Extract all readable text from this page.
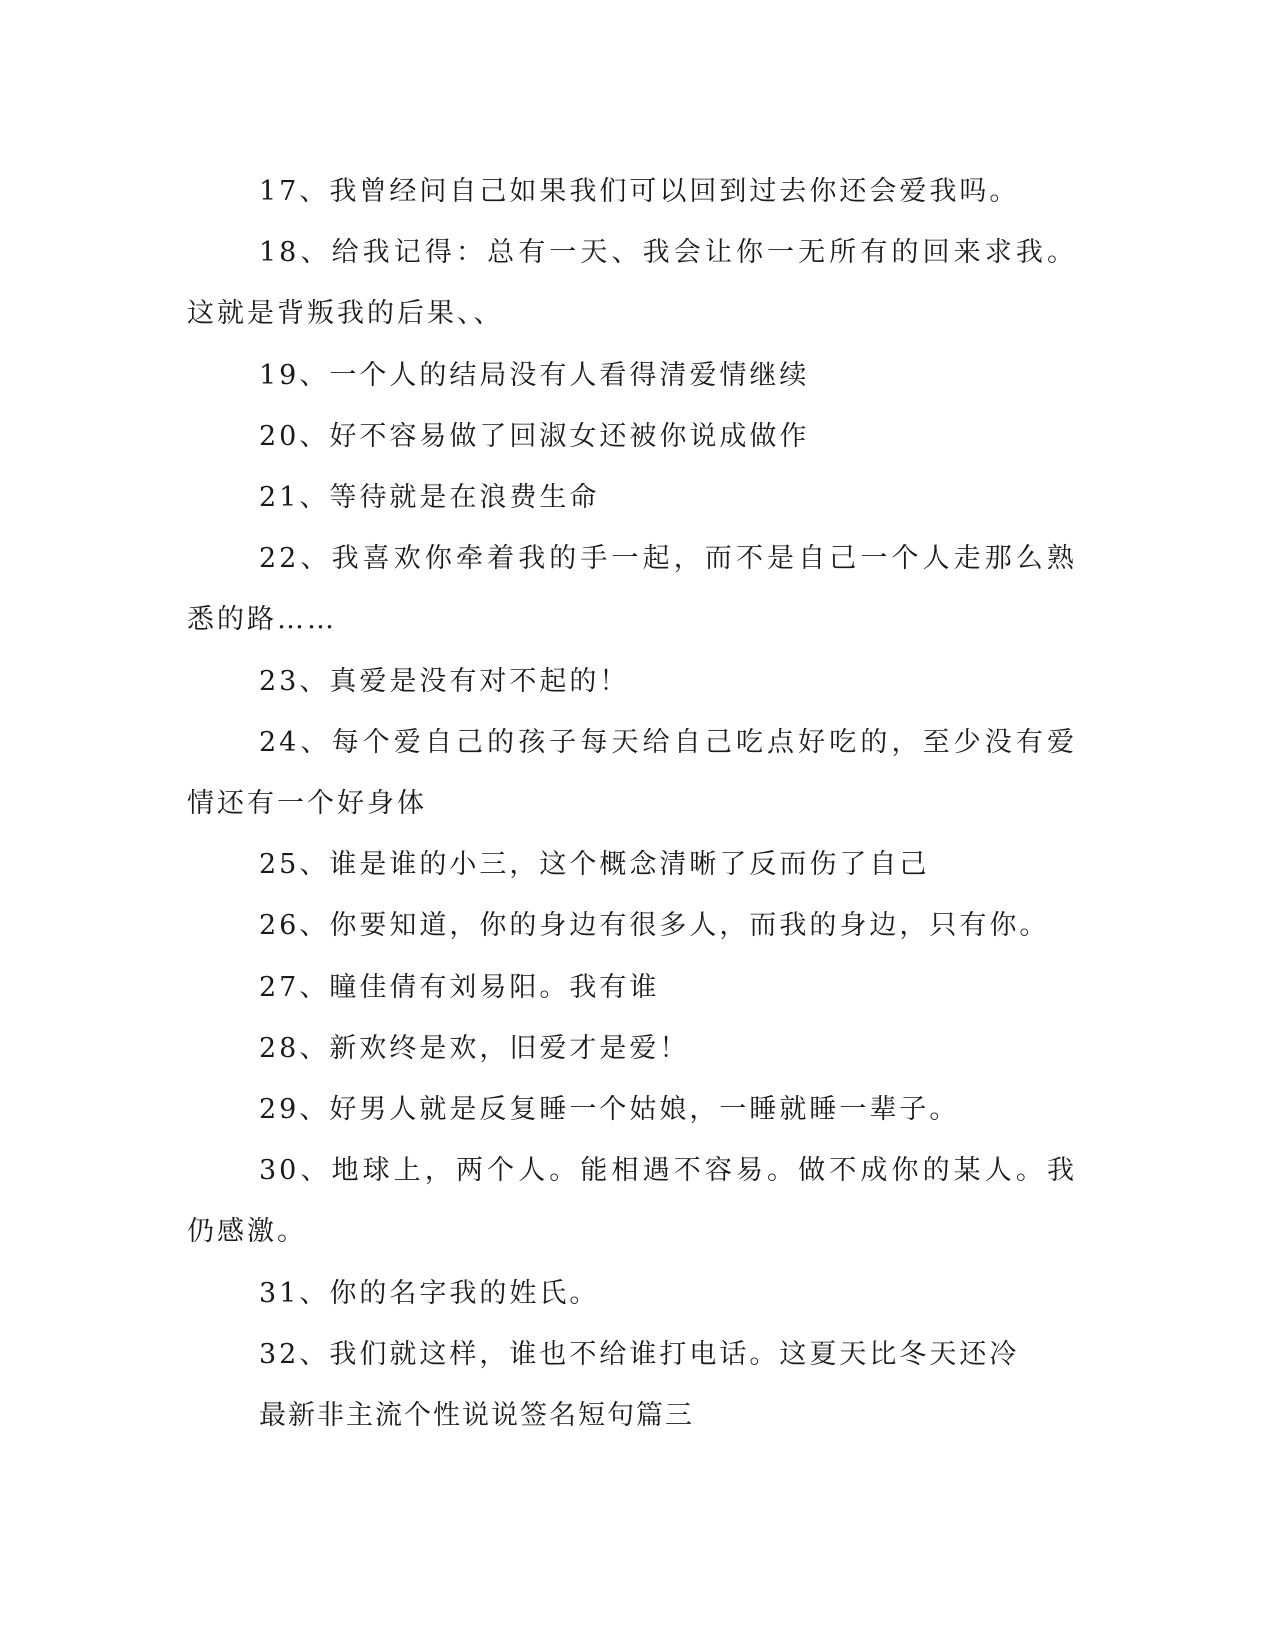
17、我曾经问自己如果我们可以回到过去你还会爱我吗。

18、给我记得：总有一天、我会让你一无所有的回来求我。这就是背叛我的后果、、

19、一个人的结局没有人看得清爱情继续

20、好不容易做了回淑女还被你说成做作

21、等待就是在浪费生命

22、我喜欢你牵着我的手一起，而不是自己一个人走那么熟悉的路……

23、真爱是没有对不起的！

24、每个爱自己的孩子每天给自己吃点好吃的，至少没有爱情还有一个好身体

25、谁是谁的小三，这个概念清晰了反而伤了自己

26、你要知道，你的身边有很多人，而我的身边，只有你。

27、瞳佳倩有刘易阳。我有谁

28、新欢终是欢，旧爱才是爱！

29、好男人就是反复睡一个姑娘，一睡就睡一辈子。

30、地球上，两个人。能相遇不容易。做不成你的某人。我仍感激。

31、你的名字我的姓氏。

32、我们就这样，谁也不给谁打电话。这夏天比冬天还冷

最新非主流个性说说签名短句篇三
